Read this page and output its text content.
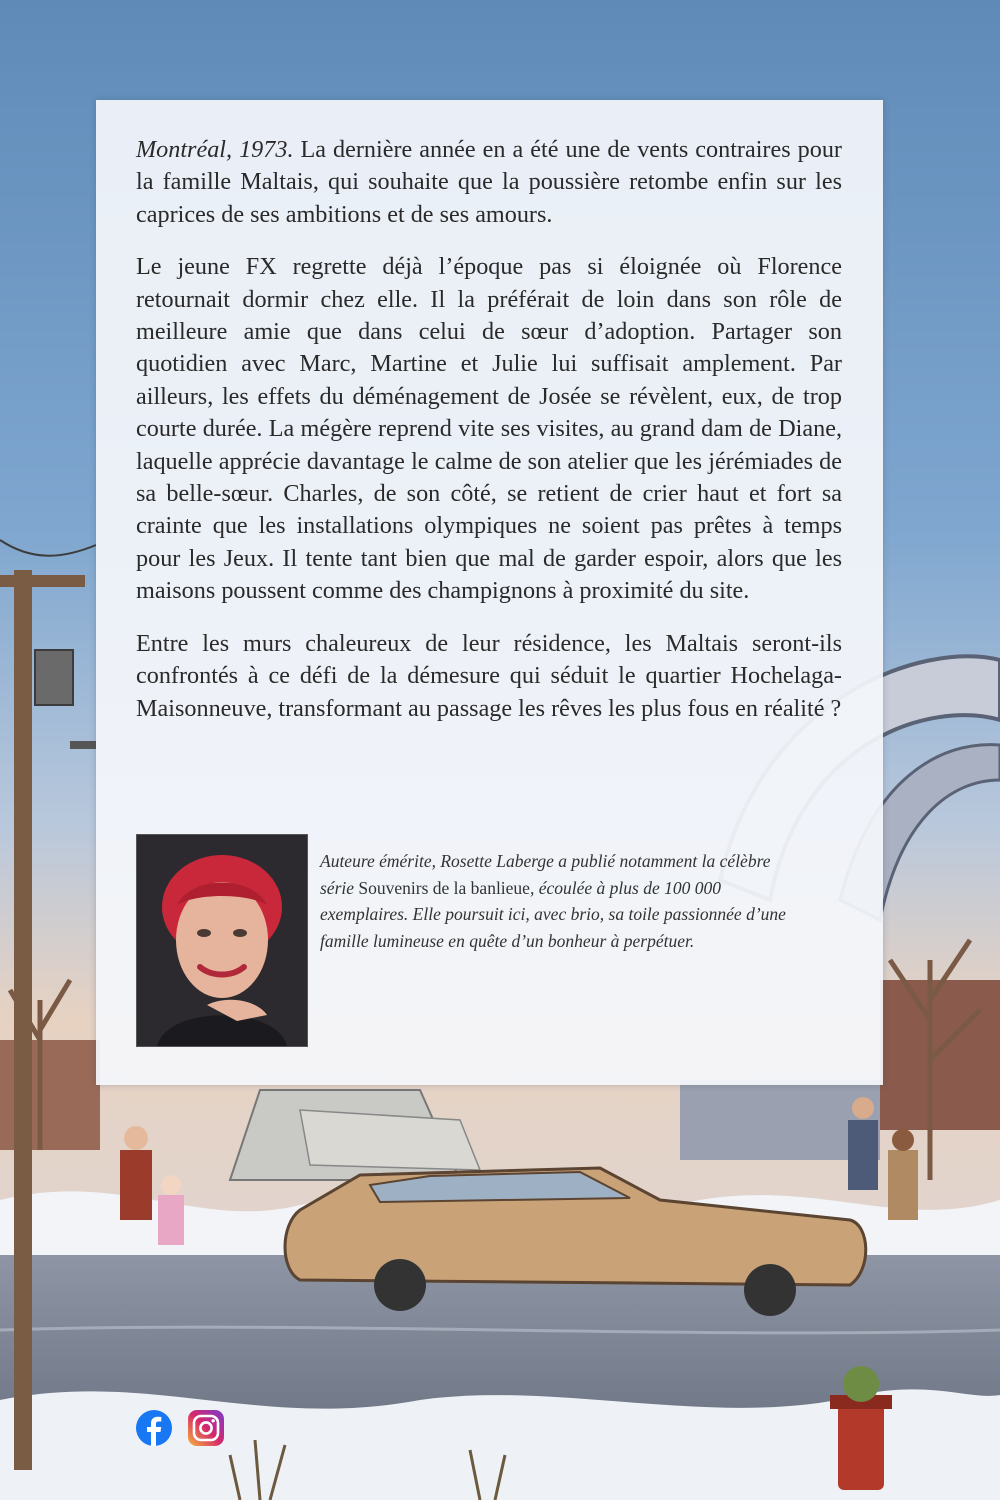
Montréal, 1973. La dernière année en a été une de vents contraires pour la famille Maltais, qui souhaite que la poussière retombe enfin sur les caprices de ses ambitions et de ses amours.

Le jeune FX regrette déjà l’époque pas si éloignée où Florence retournait dormir chez elle. Il la préférait de loin dans son rôle de meilleure amie que dans celui de sœur d’adoption. Partager son quotidien avec Marc, Martine et Julie lui suffisait amplement. Par ailleurs, les effets du déménagement de Josée se révèlent, eux, de trop courte durée. La mégère reprend vite ses visites, au grand dam de Diane, laquelle apprécie davantage le calme de son atelier que les jérémiades de sa belle-sœur. Charles, de son côté, se retient de crier haut et fort sa crainte que les installations olympiques ne soient pas prêtes à temps pour les Jeux. Il tente tant bien que mal de garder espoir, alors que les maisons poussent comme des champignons à proximité du site.

Entre les murs chaleureux de leur résidence, les Maltais seront-ils confrontés à ce défi de la démesure qui séduit le quartier Hochelaga-Maisonneuve, transformant au passage les rêves les plus fous en réalité ?

Auteure émérite, Rosette Laberge a publié notamment la célèbre série Souvenirs de la banlieue, écoulée à plus de 100 000 exemplaires. Elle poursuit ici, avec brio, sa toile passionnée d’une famille lumineuse en quête d’un bonheur à perpétuer.
